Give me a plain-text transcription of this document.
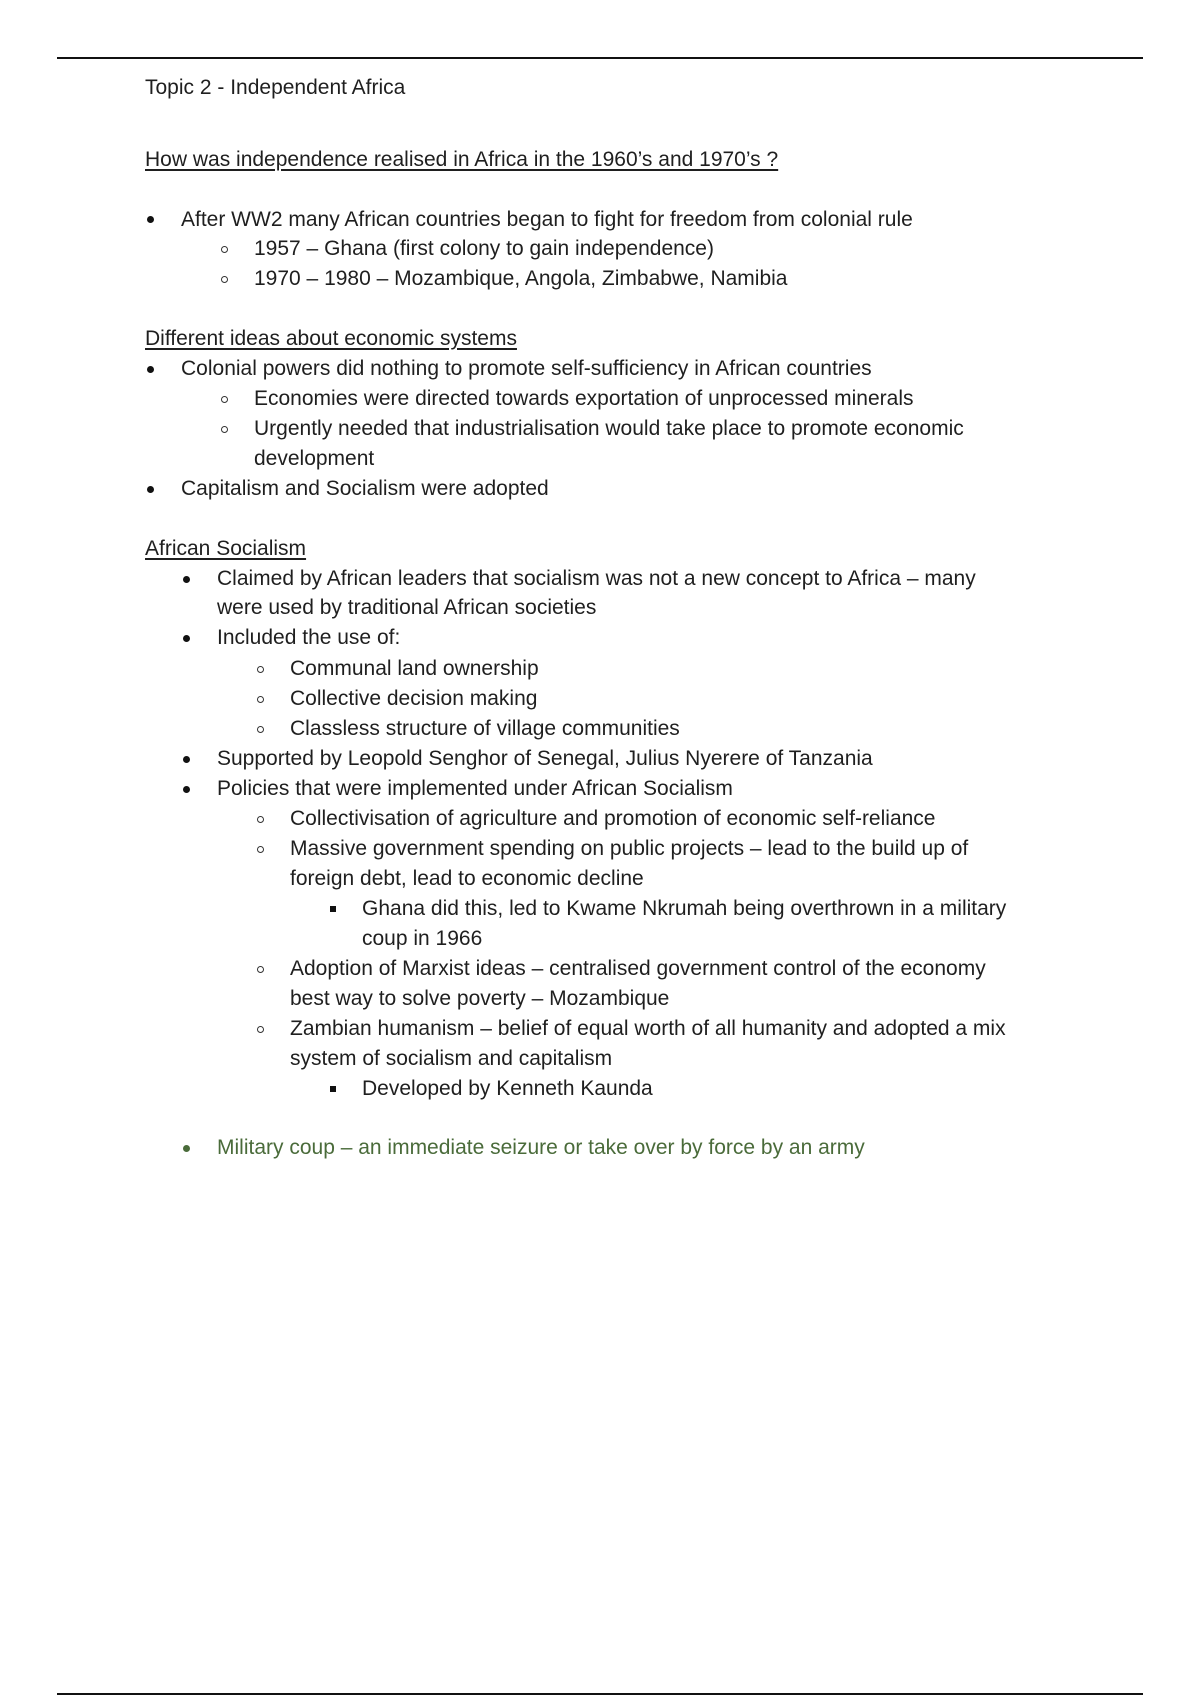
Topic 2 - Independent Africa
How was independence realised in Africa in the 1960’s and 1970’s ?
After WW2 many African countries began to fight for freedom from colonial rule
1957 – Ghana (first colony to gain independence)
1970 – 1980 – Mozambique, Angola, Zimbabwe, Namibia
Different ideas about economic systems
Colonial powers did nothing to promote self-sufficiency in African countries
Economies were directed towards exportation of unprocessed minerals
Urgently needed that industrialisation would take place to promote economic
development
Capitalism and Socialism were adopted
African Socialism
Claimed by African leaders that socialism was not a new concept to Africa – many
were used by traditional African societies
Included the use of:
Communal land ownership
Collective decision making
Classless structure of village communities
Supported by Leopold Senghor of Senegal, Julius Nyerere of Tanzania
Policies that were implemented under African Socialism
Collectivisation of agriculture and promotion of economic self-reliance
Massive government spending on public projects – lead to the build up of
foreign debt, lead to economic decline
Ghana did this, led to Kwame Nkrumah being overthrown in a military
coup in 1966
Adoption of Marxist ideas – centralised government control of the economy
best way to solve poverty – Mozambique
Zambian humanism – belief of equal worth of all humanity and adopted a mix
system of socialism and capitalism
Developed by Kenneth Kaunda
Military coup – an immediate seizure or take over by force by an army
